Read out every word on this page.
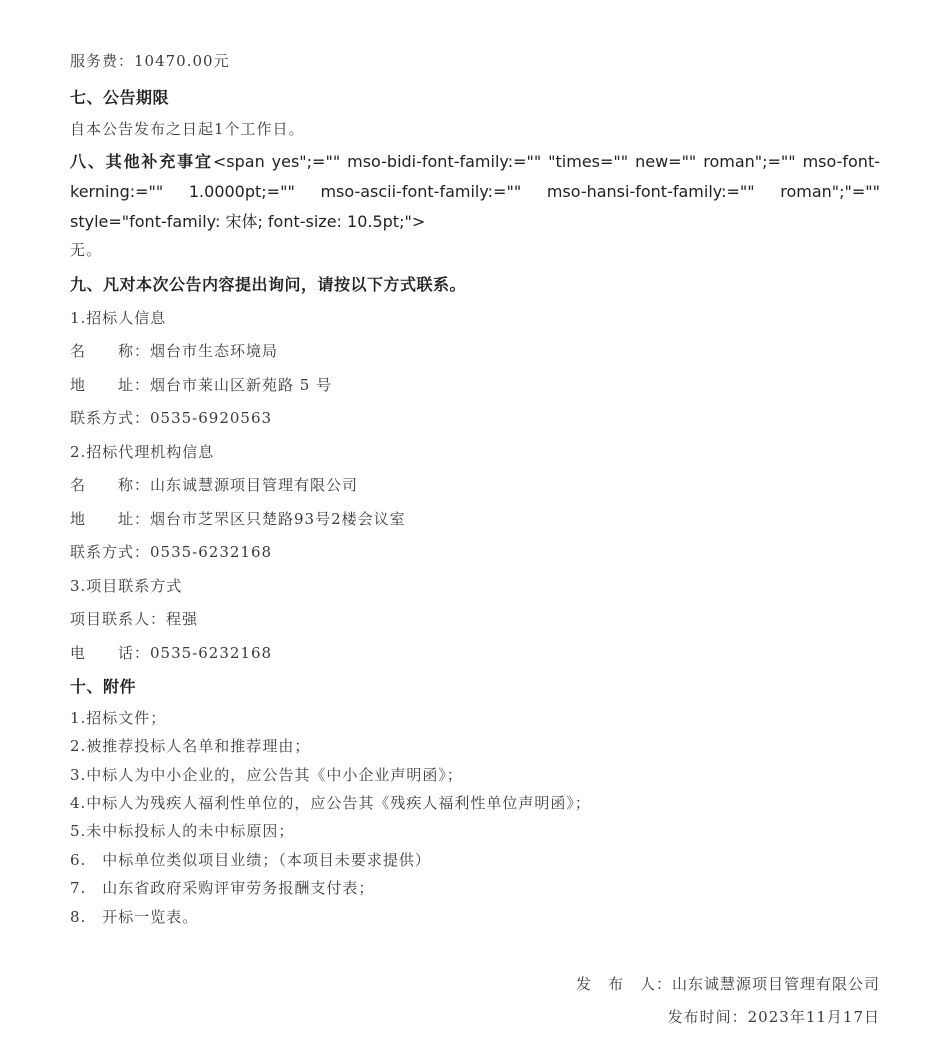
服务费：10470.00元
七、公告期限
自本公告发布之日起1个工作日。
八、其他补充事宜<span yes";="" mso-bidi-font-family:="" "times="" new="" roman";="" mso-font-kerning:="" 1.0000pt;="" mso-ascii-font-family:="" mso-hansi-font-family:="" roman";"="" style="font-family: 宋体; font-size: 10.5pt;">
无。
九、凡对本次公告内容提出询问，请按以下方式联系。
1.招标人信息
名　　称：烟台市生态环境局
地　　址：烟台市莱山区新苑路 5 号
联系方式：0535-6920563
2.招标代理机构信息
名　　称：山东诚慧源项目管理有限公司
地　　址：烟台市芝罘区只楚路93号2楼会议室
联系方式：0535-6232168
3.项目联系方式
项目联系人：程强
电　　话：0535-6232168
十、附件
1.招标文件；
2.被推荐投标人名单和推荐理由；
3.中标人为中小企业的，应公告其《中小企业声明函》；
4.中标人为残疾人福利性单位的，应公告其《残疾人福利性单位声明函》；
5.未中标投标人的未中标原因；
6.　中标单位类似项目业绩；（本项目未要求提供）
7.　山东省政府采购评审劳务报酬支付表；
8.　开标一览表。
发　布　人：山东诚慧源项目管理有限公司
发布时间：2023年11月17日
